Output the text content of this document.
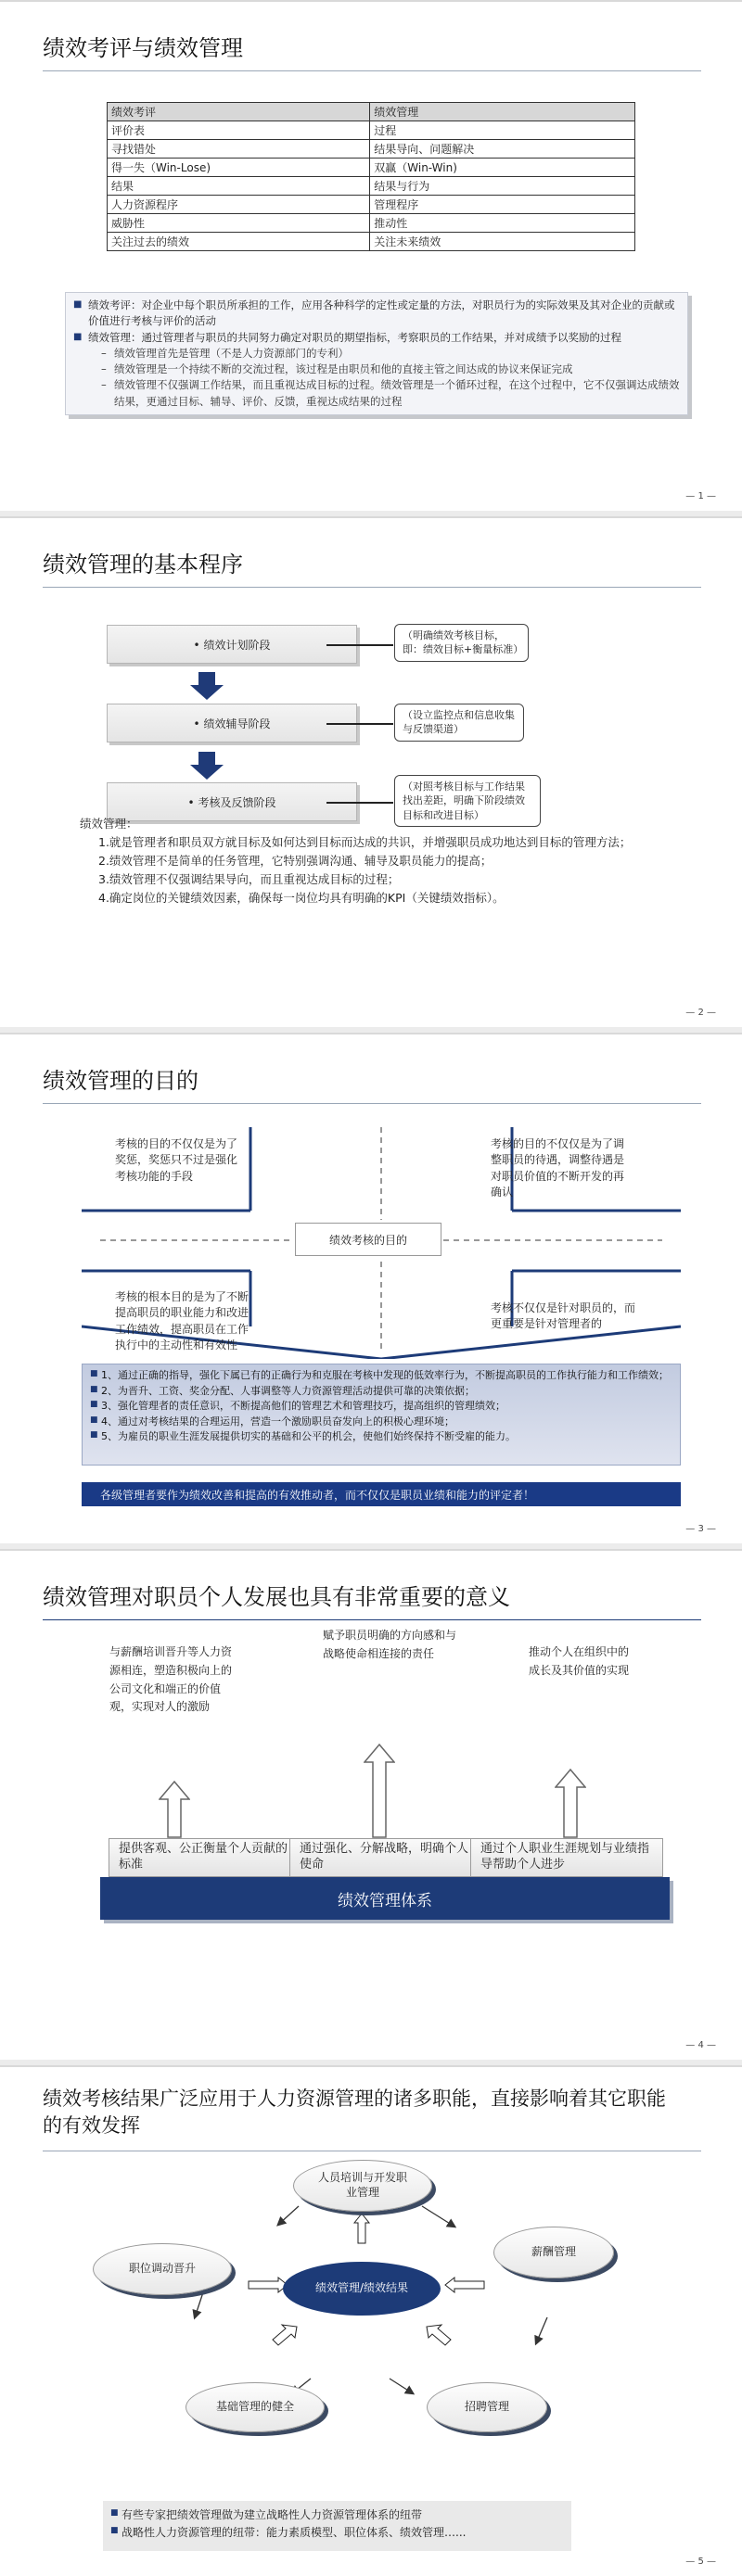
绩效考评与绩效管理
绩效考评	绩效管理
评价表	过程
寻找错处	结果导向、问题解决
得一失（Win-Lose)	双赢（Win-Win)
结果	结果与行为
人力资源程序	管理程序
威胁性	推动性
关注过去的绩效	关注未来绩效
■ 绩效考评：对企业中每个职员所承担的工作，应用各种科学的定性或定量的方法，对职员行为的实际效果及其对企业的贡献或价值进行考核与评价的活动
■ 绩效管理：通过管理者与职员的共同努力确定对职员的期望指标，考察职员的工作结果，并对成绩予以奖励的过程
– 绩效管理首先是管理（不是人力资源部门的专利）
– 绩效管理是一个持续不断的交流过程，该过程是由职员和他的直接主管之间达成的协议来保证完成
– 绩效管理不仅强调工作结果，而且重视达成目标的过程。绩效管理是一个循环过程，在这个过程中，它不仅强调达成绩效结果，更通过目标、辅导、评价、反馈，重视达成结果的过程
— 1 —
绩效管理的基本程序
• 绩效计划阶段
• 绩效辅导阶段
• 考核及反馈阶段
（明确绩效考核目标，即：绩效目标+衡量标准）
（设立监控点和信息收集与反馈渠道）
（对照考核目标与工作结果找出差距，明确下阶段绩效目标和改进目标）
绩效管理：
1.就是管理者和职员双方就目标及如何达到目标而达成的共识，并增强职员成功地达到目标的管理方法；
2.绩效管理不是简单的任务管理，它特别强调沟通、辅导及职员能力的提高；
3.绩效管理不仅强调结果导向，而且重视达成目标的过程；
4.确定岗位的关键绩效因素，确保每一岗位均具有明确的KPI（关键绩效指标）。
— 2 —
绩效管理的目的
考核的目的不仅仅是为了奖惩，奖惩只不过是强化考核功能的手段
考核的目的不仅仅是为了调整职员的待遇，调整待遇是对职员价值的不断开发的再确认
考核的根本目的是为了不断提高职员的职业能力和改进工作绩效，提高职员在工作执行中的主动性和有效性
考核不仅仅是针对职员的，而更重要是针对管理者的
绩效考核的目的
■ 1、通过正确的指导，强化下属已有的正确行为和克服在考核中发现的低效率行为，不断提高职员的工作执行能力和工作绩效；
■ 2、为晋升、工资、奖金分配、人事调整等人力资源管理活动提供可靠的决策依据；
■ 3、强化管理者的责任意识，不断提高他们的管理艺术和管理技巧，提高组织的管理绩效；
■ 4、通过对考核结果的合理运用，营造一个激励职员奋发向上的积极心理环境；
■ 5、为雇员的职业生涯发展提供切实的基础和公平的机会，使他们始终保持不断受雇的能力。
各级管理者要作为绩效改善和提高的有效推动者，而不仅仅是职员业绩和能力的评定者！
— 3 —
绩效管理对职员个人发展也具有非常重要的意义
与薪酬培训晋升等人力资源相连，塑造积极向上的公司文化和端正的价值观，实现对人的激励
赋予职员明确的方向感和与战略使命相连接的责任	推动个人在组织中的成长及其价值的实现
提供客观、公正衡量个人贡献的标准
通过强化、分解战略，明确个人使命
通过个人职业生涯规划与业绩指导帮助个人进步
绩效管理体系
— 4 —
绩效考核结果广泛应用于人力资源管理的诸多职能，直接影响着其它职能的有效发挥
人员培训与开发职业管理
薪酬管理
招聘管理
基础管理的健全
职位调动晋升
绩效管理/绩效结果
■ 有些专家把绩效管理做为建立战略性人力资源管理体系的纽带
■ 战略性人力资源管理的纽带：能力素质模型、职位体系、绩效管理…...
— 5 —
